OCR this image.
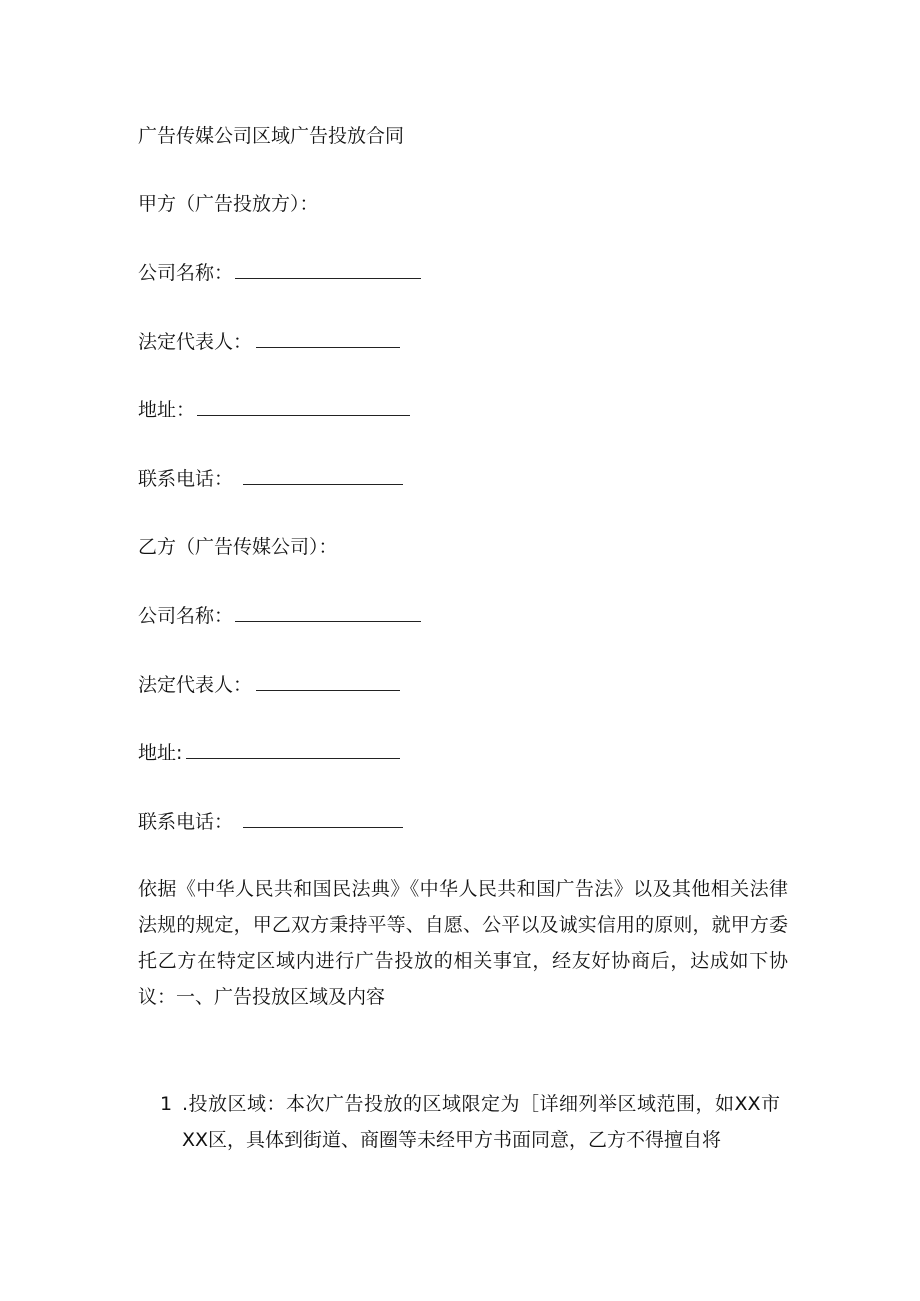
广告传媒公司区域广告投放合同
甲方（广告投放方）：
公司名称：
法定代表人：
地址：
联系电话：
乙方（广告传媒公司）：
公司名称：
法定代表人：
地址:
联系电话：
依据《中华人民共和国民法典》《中华人民共和国广告法》以及其他相关法律法规的规定，甲乙双方秉持平等、自愿、公平以及诚实信用的原则，就甲方委托乙方在特定区域内进行广告投放的相关事宜，经友好协商后，达成如下协议：一、广告投放区域及内容
1 .投放区域：本次广告投放的区域限定为［详细列举区域范围，如XX市XX区，具体到街道、商圈等未经甲方书面同意，乙方不得擅自将
